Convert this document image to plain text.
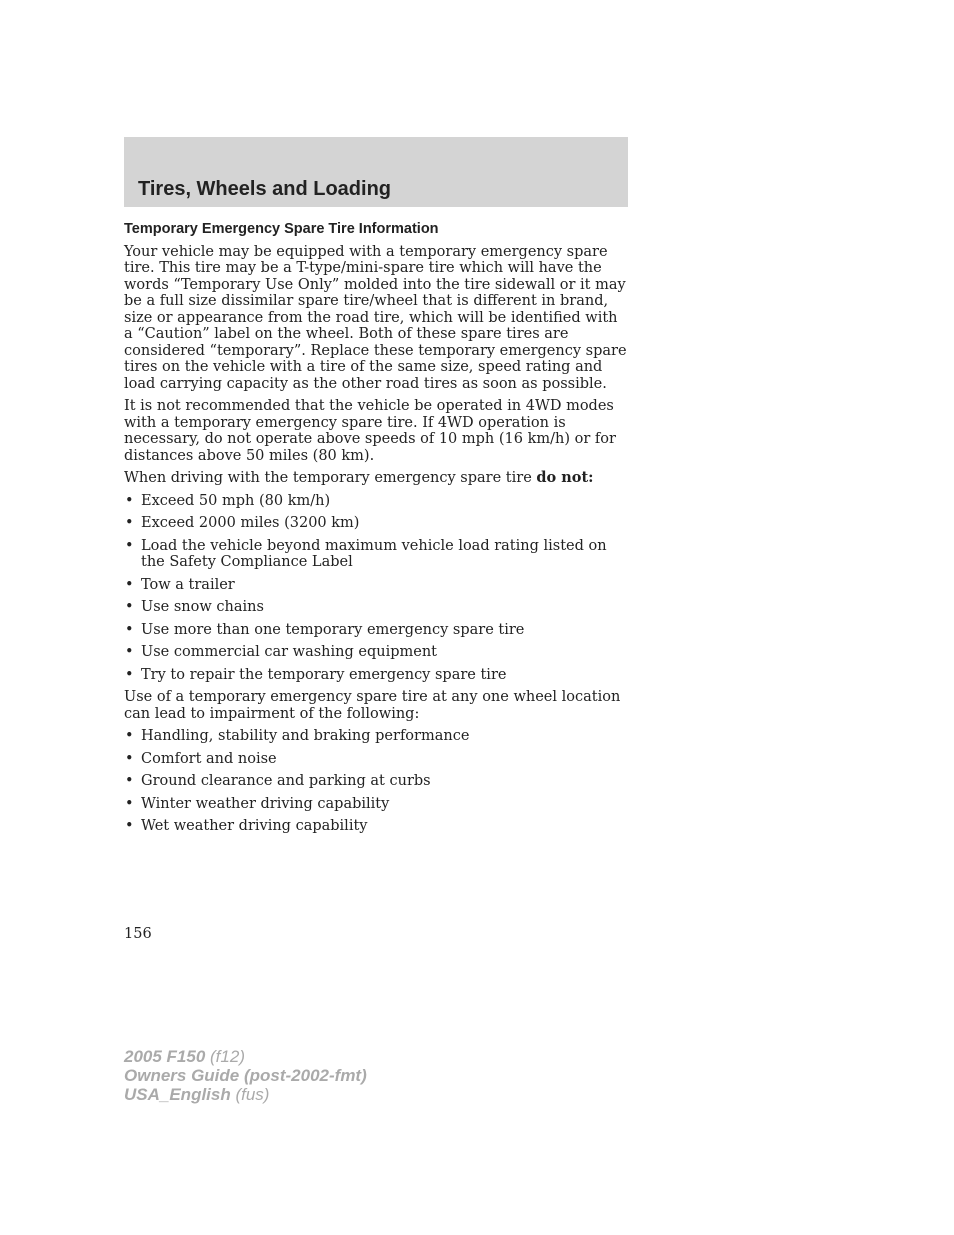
Tires, Wheels and Loading
Temporary Emergency Spare Tire Information

Your vehicle may be equipped with a temporary emergency spare tire. This tire may be a T-type/mini-spare tire which will have the words “Temporary Use Only” molded into the tire sidewall or it may be a full size dissimilar spare tire/wheel that is different in brand, size or appearance from the road tire, which will be identified with a “Caution” label on the wheel. Both of these spare tires are considered “temporary”. Replace these temporary emergency spare tires on the vehicle with a tire of the same size, speed rating and load carrying capacity as the other road tires as soon as possible.

It is not recommended that the vehicle be operated in 4WD modes with a temporary emergency spare tire. If 4WD operation is necessary, do not operate above speeds of 10 mph (16 km/h) or for distances above 50 miles (80 km).

When driving with the temporary emergency spare tire do not:

• Exceed 50 mph (80 km/h)
• Exceed 2000 miles (3200 km)
• Load the vehicle beyond maximum vehicle load rating listed on the Safety Compliance Label
• Tow a trailer
• Use snow chains
• Use more than one temporary emergency spare tire
• Use commercial car washing equipment
• Try to repair the temporary emergency spare tire

Use of a temporary emergency spare tire at any one wheel location can lead to impairment of the following:

• Handling, stability and braking performance
• Comfort and noise
• Ground clearance and parking at curbs
• Winter weather driving capability
• Wet weather driving capability
156
2005 F150 (f12)
Owners Guide (post-2002-fmt)
USA_English (fus)
